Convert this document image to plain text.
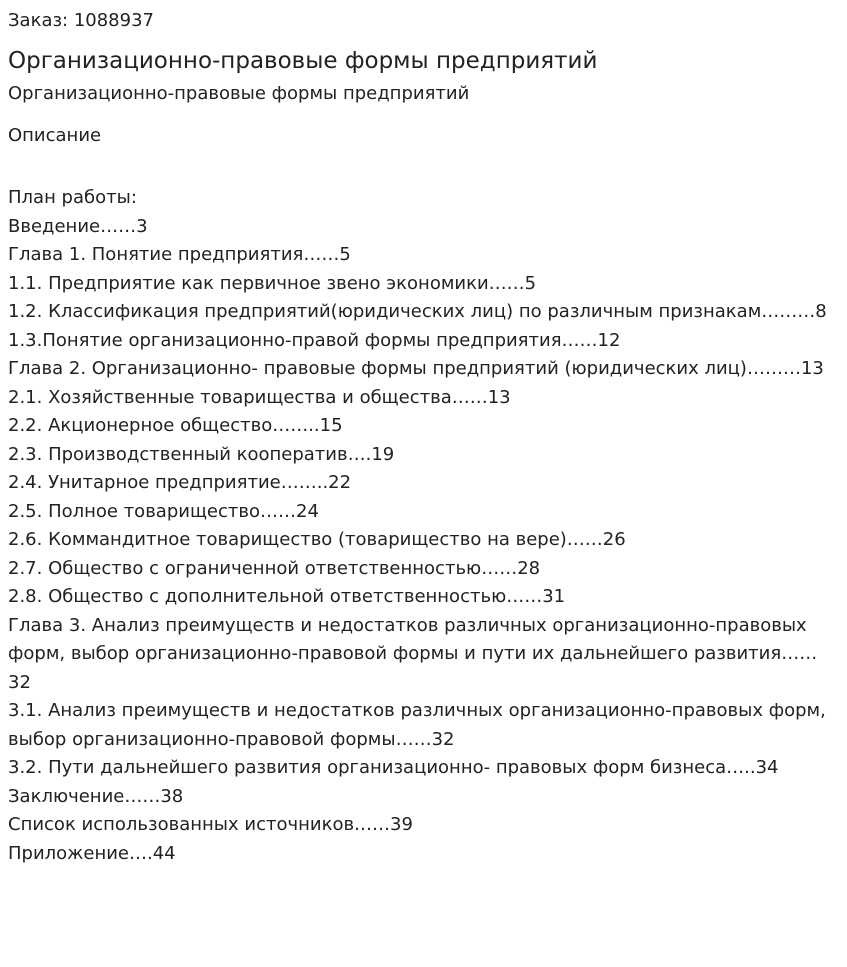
Заказ: 1088937

Организационно-правовые формы предприятий

Организационно-правовые формы предприятий

Описание

План работы:
Введение……3
Глава 1. Понятие предприятия……5
1.1. Предприятие как первичное звено экономики……5
1.2. Классификация предприятий(юридических лиц) по различным признакам………8
1.3.Понятие организационно-правой формы предприятия……12
Глава 2. Организационно- правовые формы предприятий (юридических лиц)………13
2.1. Хозяйственные товарищества и общества……13
2.2. Акционерное общество……..15
2.3. Производственный кооператив….19
2.4. Унитарное предприятие……..22
2.5. Полное товарищество……24
2.6. Коммандитное товарищество (товарищество на вере)……26
2.7. Общество с ограниченной ответственностью……28
2.8. Общество с дополнительной ответственностью……31
Глава 3. Анализ преимуществ и недостатков различных организационно-правовых форм, выбор организационно-правовой формы и пути их дальнейшего развития……32
3.1. Анализ преимуществ и недостатков различных организационно-правовых форм, выбор организационно-правовой формы……32
3.2. Пути дальнейшего развития организационно- правовых форм бизнеса…..34
Заключение……38
Список использованных источников……39
Приложение….44
